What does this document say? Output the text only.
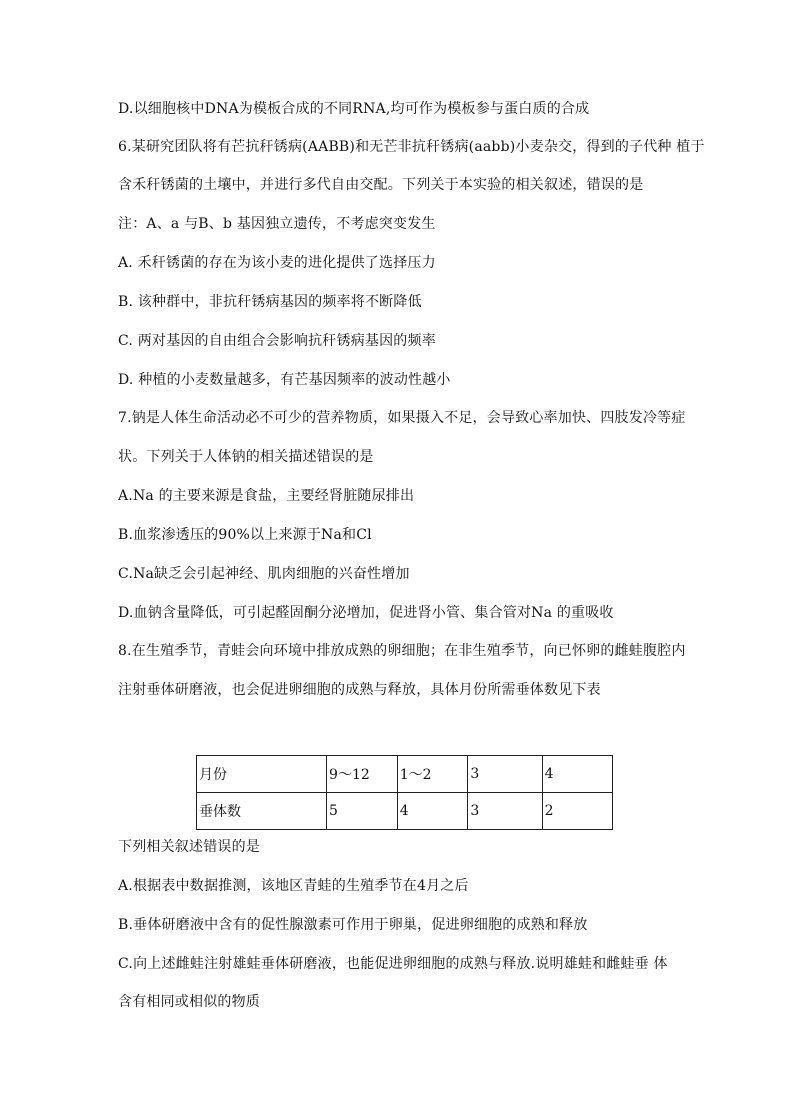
D.以细胞核中DNA为模板合成的不同RNA,均可作为模板参与蛋白质的合成
6.某研究团队将有芒抗秆锈病(AABB)和无芒非抗秆锈病(aabb)小麦杂交，得到的子代种 植于
含禾秆锈菌的土壤中，并进行多代自由交配。下列关于本实验的相关叙述，错误的是
注：A、a 与B、b 基因独立遗传，不考虑突变发生
A. 禾秆锈菌的存在为该小麦的进化提供了选择压力
B. 该种群中，非抗秆锈病基因的频率将不断降低
C. 两对基因的自由组合会影响抗秆锈病基因的频率
D. 种植的小麦数量越多，有芒基因频率的波动性越小
7.钠是人体生命活动必不可少的营养物质，如果摄入不足，会导致心率加快、四肢发冷等症
状。下列关于人体钠的相关描述错误的是
A.Na 的主要来源是食盐，主要经肾脏随尿排出
B.血浆渗透压的90%以上来源于Na和Cl
C.Na缺乏会引起神经、肌肉细胞的兴奋性增加
D.血钠含量降低，可引起醛固酮分泌增加，促进肾小管、集合管对Na 的重吸收
8.在生殖季节，青蛙会向环境中排放成熟的卵细胞；在非生殖季节，向已怀卵的雌蛙腹腔内
注射垂体研磨液，也会促进卵细胞的成熟与释放，具体月份所需垂体数见下表
月份	9～12	1～2	3	4
垂体数	5	4	3	2
下列相关叙述错误的是
A.根据表中数据推测，该地区青蛙的生殖季节在4月之后
B.垂体研磨液中含有的促性腺激素可作用于卵巢，促进卵细胞的成熟和释放
C.向上述雌蛙注射雄蛙垂体研磨液，也能促进卵细胞的成熟与释放.说明雄蛙和雌蛙垂 体
含有相同或相似的物质
